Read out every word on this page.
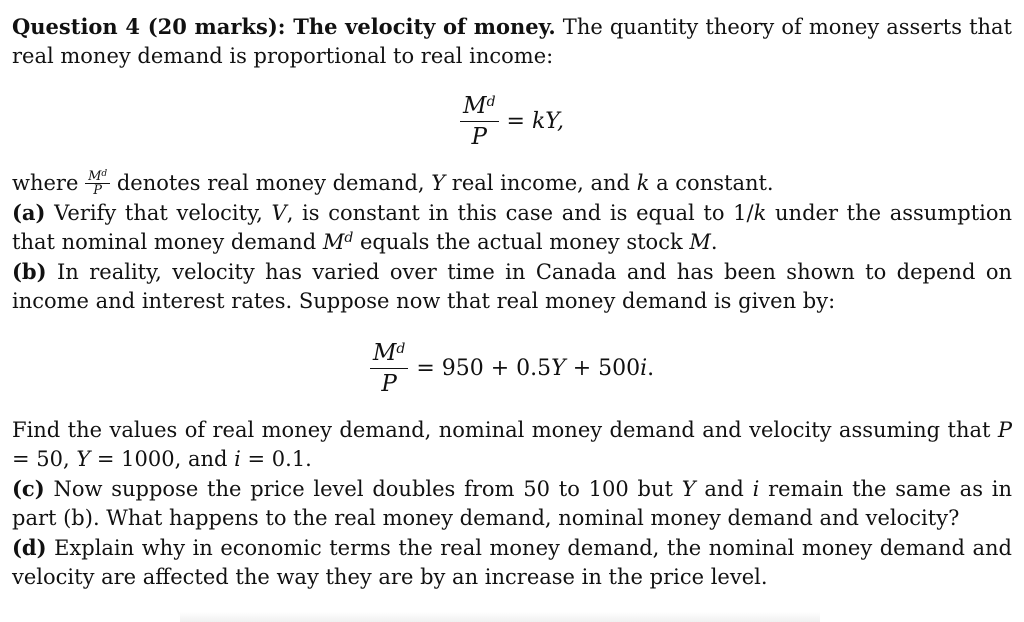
Question 4 (20 marks): The velocity of money. The quantity theory of money asserts that real money demand is proportional to real income:

$\frac{M^d}{P}$ = kY,

where $\frac{M^d}{P}$ denotes real money demand, Y real income, and k a constant.

(a) Verify that velocity, V, is constant in this case and is equal to 1/k under the assumption that nominal money demand $M^d$ equals the actual money stock M.

(b) In reality, velocity has varied over time in Canada and has been shown to depend on income and interest rates. Suppose now that real money demand is given by:

$\frac{M^d}{P} = 950 + 0.5Y + 500i$.

Find the values of real money demand, nominal money demand and velocity assuming that P = 50, Y = 1000, and i = 0.1.

(c) Now suppose the price level doubles from 50 to 100 but Y and i remain the same as in part (b). What happens to the real money demand, nominal money demand and velocity?

(d) Explain why in economic terms the real money demand, the nominal money demand and velocity are affected the way they are by an increase in the price level.
